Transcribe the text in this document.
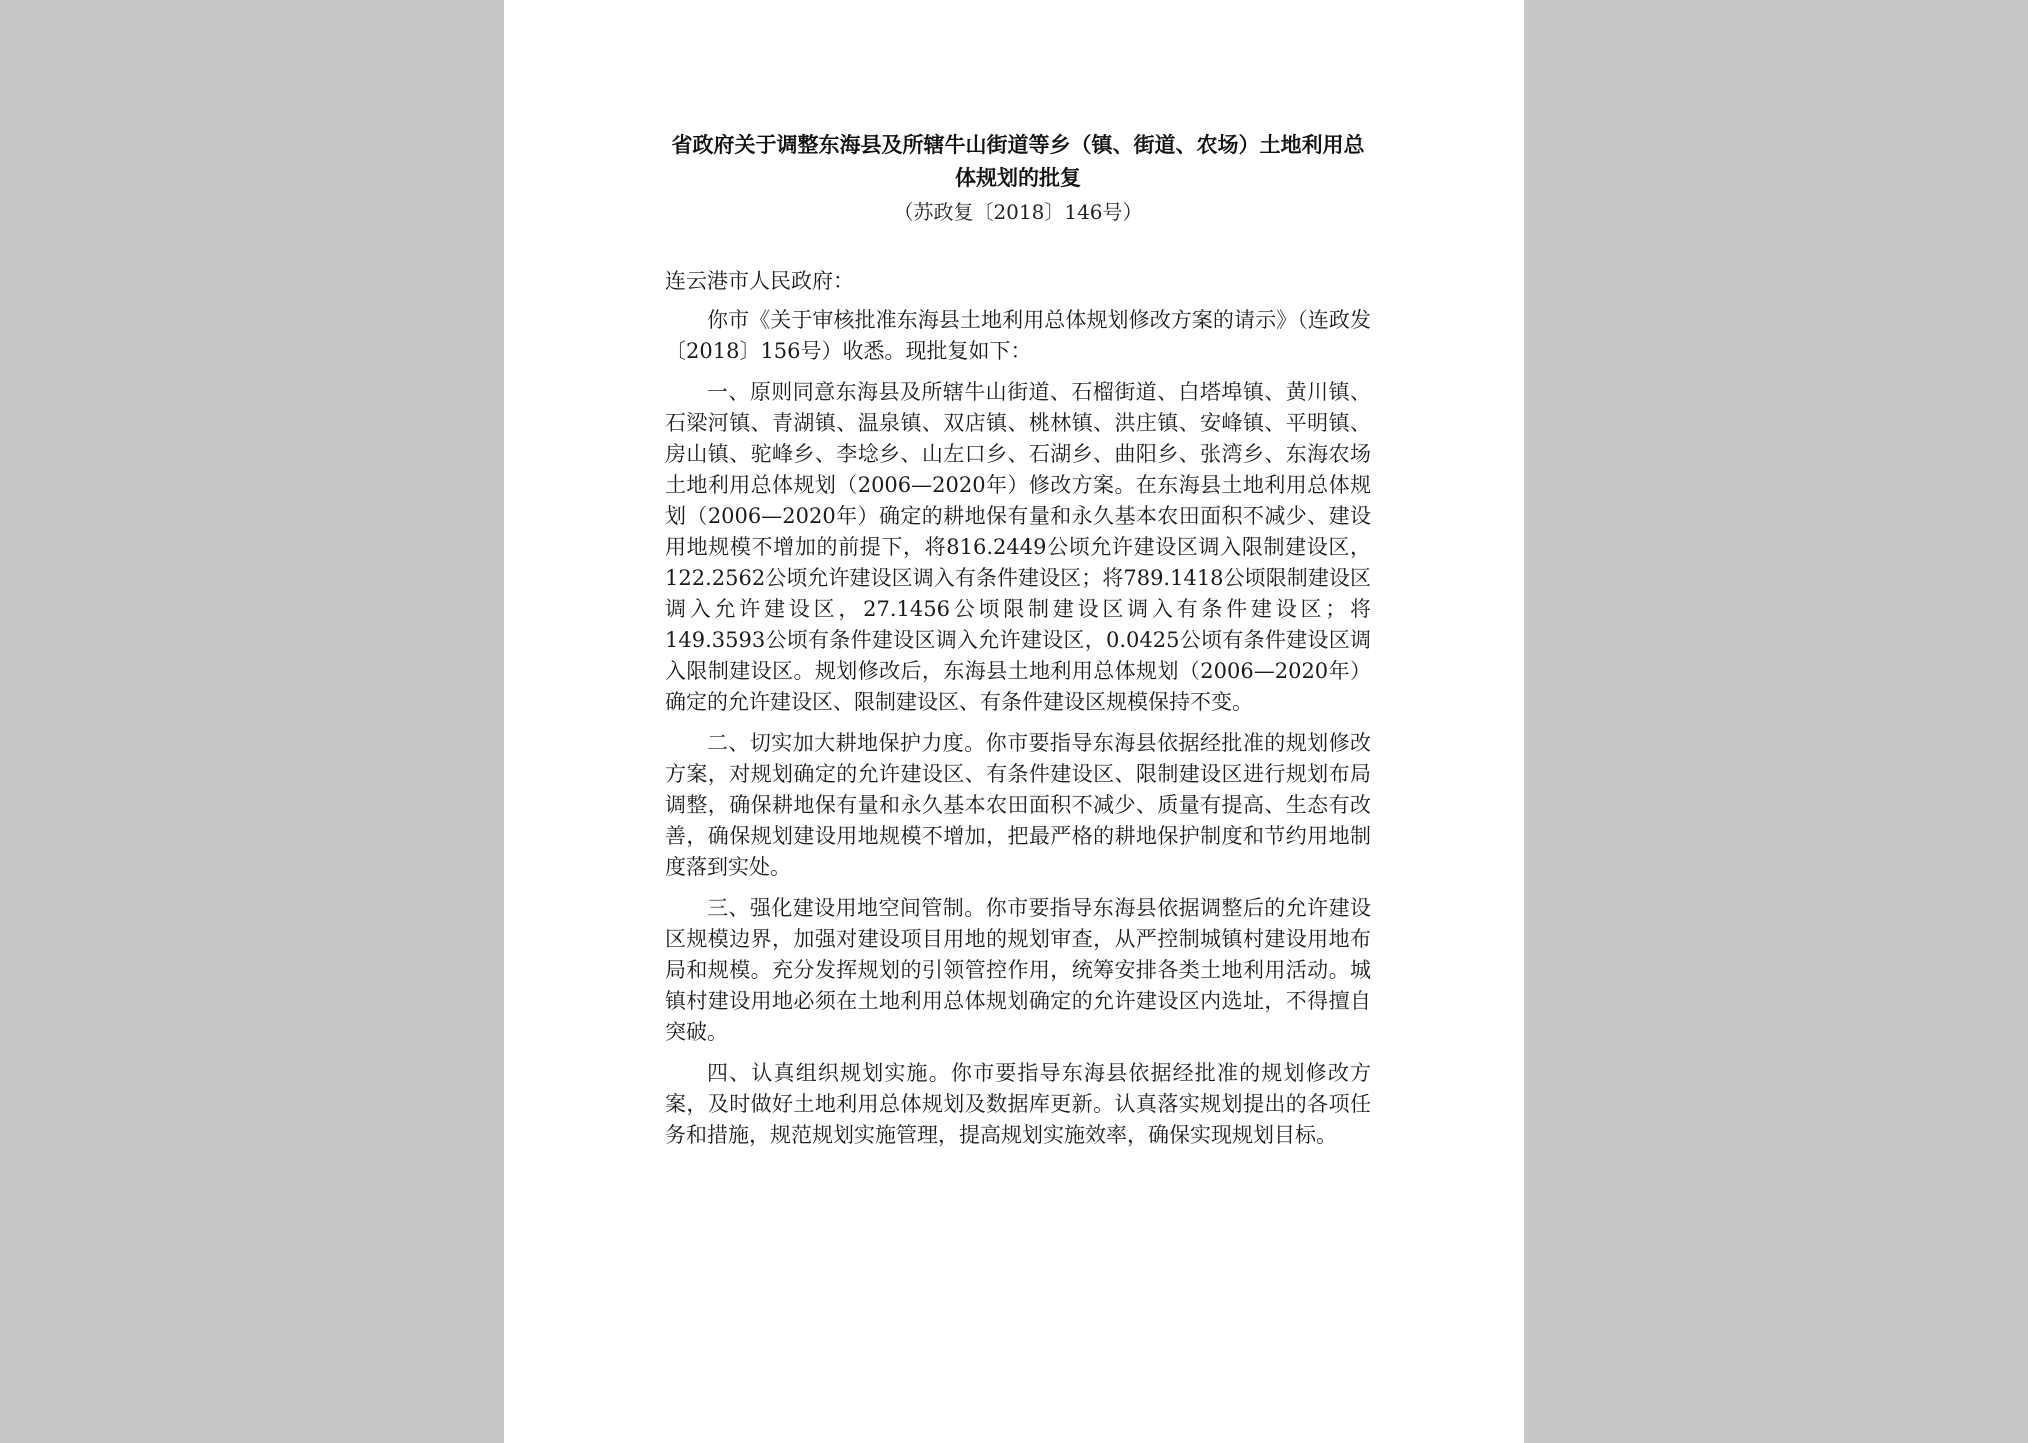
省政府关于调整东海县及所辖牛山街道等乡（镇、街道、农场）土地利用总体规划的批复

（苏政复〔2018〕146号）

连云港市人民政府：

你市《关于审核批准东海县土地利用总体规划修改方案的请示》（连政发〔2018〕156号）收悉。现批复如下：

一、原则同意东海县及所辖牛山街道、石榴街道、白塔埠镇、黄川镇、石梁河镇、青湖镇、温泉镇、双店镇、桃林镇、洪庄镇、安峰镇、平明镇、房山镇、驼峰乡、李埝乡、山左口乡、石湖乡、曲阳乡、张湾乡、东海农场土地利用总体规划（2006—2020年）修改方案。在东海县土地利用总体规划（2006—2020年）确定的耕地保有量和永久基本农田面积不减少、建设用地规模不增加的前提下，将816.2449公顷允许建设区调入限制建设区，122.2562公顷允许建设区调入有条件建设区；将789.1418公顷限制建设区调入允许建设区，27.1456公顷限制建设区调入有条件建设区；将149.3593公顷有条件建设区调入允许建设区，0.0425公顷有条件建设区调入限制建设区。规划修改后，东海县土地利用总体规划（2006—2020年）确定的允许建设区、限制建设区、有条件建设区规模保持不变。

二、切实加大耕地保护力度。你市要指导东海县依据经批准的规划修改方案，对规划确定的允许建设区、有条件建设区、限制建设区进行规划布局调整，确保耕地保有量和永久基本农田面积不减少、质量有提高、生态有改善，确保规划建设用地规模不增加，把最严格的耕地保护制度和节约用地制度落到实处。

三、强化建设用地空间管制。你市要指导东海县依据调整后的允许建设区规模边界，加强对建设项目用地的规划审查，从严控制城镇村建设用地布局和规模。充分发挥规划的引领管控作用，统筹安排各类土地利用活动。城镇村建设用地必须在土地利用总体规划确定的允许建设区内选址，不得擅自突破。

四、认真组织规划实施。你市要指导东海县依据经批准的规划修改方案，及时做好土地利用总体规划及数据库更新。认真落实规划提出的各项任务和措施，规范规划实施管理，提高规划实施效率，确保实现规划目标。
